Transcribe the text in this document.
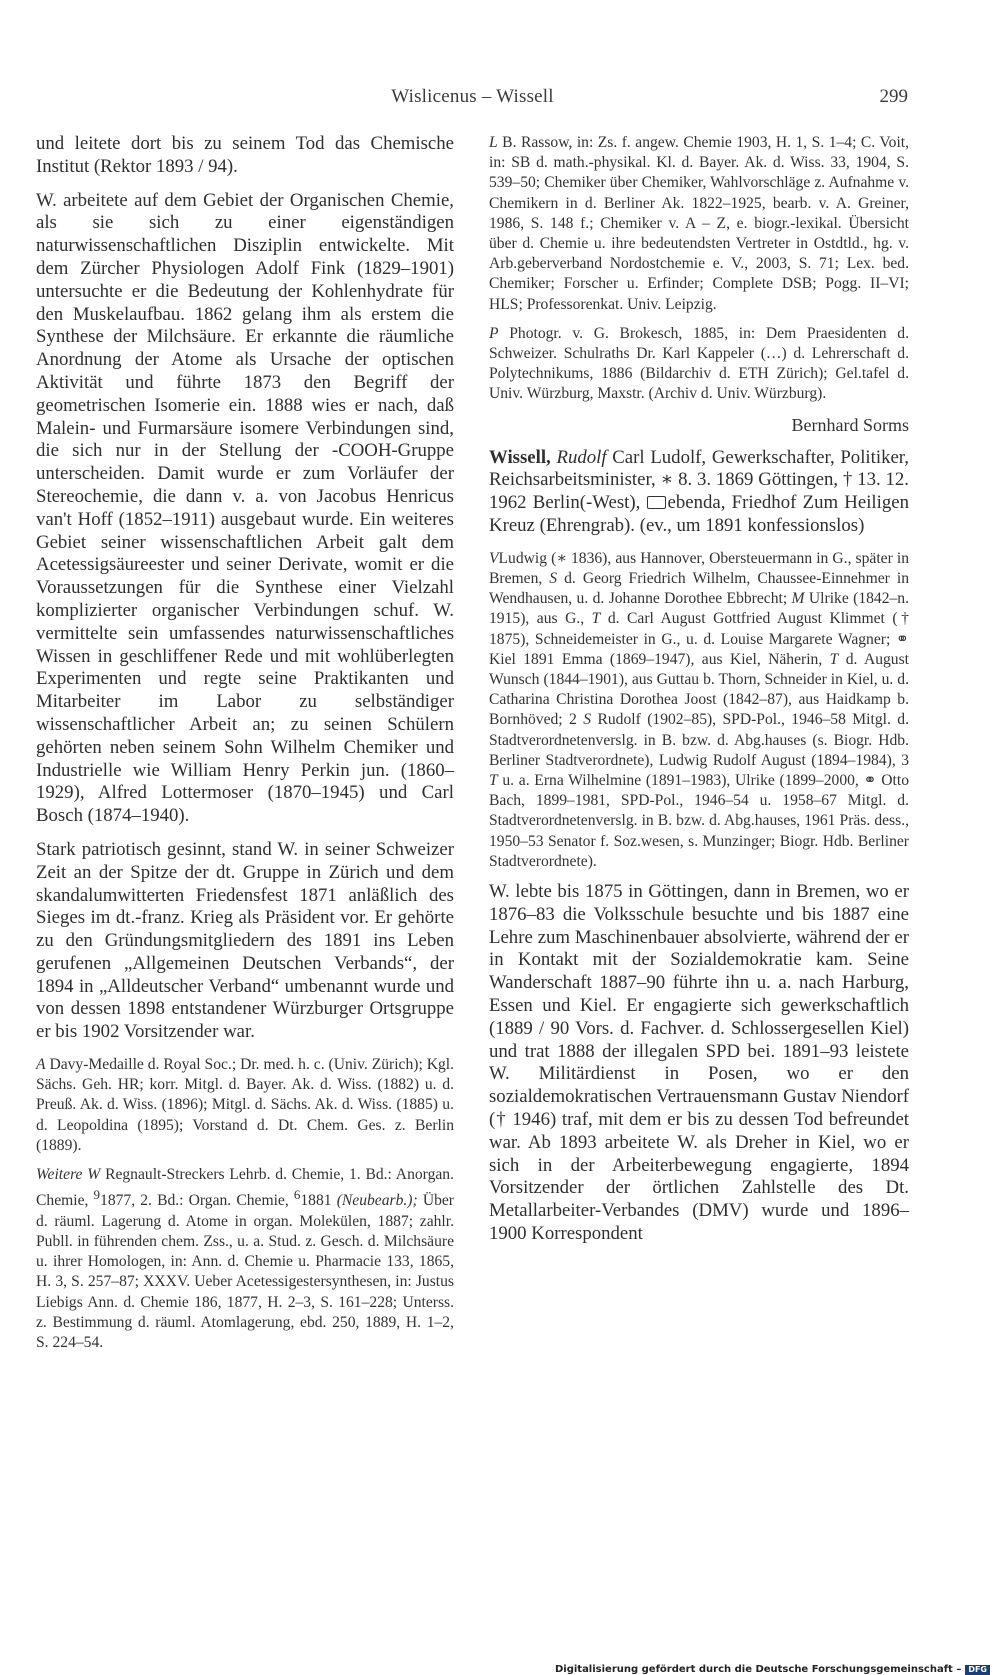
Wislicenus – Wissell	299

und leitete dort bis zu seinem Tod das Chemische Institut (Rektor 1893 / 94).

W. arbeitete auf dem Gebiet der Organischen Chemie, als sie sich zu einer eigenständigen naturwissenschaftlichen Disziplin entwickelte. Mit dem Zürcher Physiologen Adolf Fink (1829–1901) untersuchte er die Bedeutung der Kohlenhydrate für den Muskelaufbau. 1862 gelang ihm als erstem die Synthese der Milchsäure. Er erkannte die räumliche Anordnung der Atome als Ursache der optischen Aktivität und führte 1873 den Begriff der geometrischen Isomerie ein. 1888 wies er nach, daß Malein- und Furmarsäure isomere Verbindungen sind, die sich nur in der Stellung der -COOH-Gruppe unterscheiden. Damit wurde er zum Vorläufer der Stereochemie, die dann v. a. von Jacobus Henricus van't Hoff (1852–1911) ausgebaut wurde. Ein weiteres Gebiet seiner wissenschaftlichen Arbeit galt dem Acetessigsäureester und seiner Derivate, womit er die Voraussetzungen für die Synthese einer Vielzahl komplizierter organischer Verbindungen schuf. W. vermittelte sein umfassendes naturwissenschaftliches Wissen in geschliffener Rede und mit wohlüberlegten Experimenten und regte seine Praktikanten und Mitarbeiter im Labor zu selbständiger wissenschaftlicher Arbeit an; zu seinen Schülern gehörten neben seinem Sohn Wilhelm Chemiker und Industrielle wie William Henry Perkin jun. (1860–1929), Alfred Lottermoser (1870–1945) und Carl Bosch (1874–1940).

Stark patriotisch gesinnt, stand W. in seiner Schweizer Zeit an der Spitze der dt. Gruppe in Zürich und dem skandalumwitterten Friedensfest 1871 anläßlich des Sieges im dt.-franz. Krieg als Präsident vor. Er gehörte zu den Gründungsmitgliedern des 1891 ins Leben gerufenen „Allgemeinen Deutschen Verbands“, der 1894 in „Alldeutscher Verband“ umbenannt wurde und von dessen 1898 entstandener Würzburger Ortsgruppe er bis 1902 Vorsitzender war.

A Davy-Medaille d. Royal Soc.; Dr. med. h. c. (Univ. Zürich); Kgl. Sächs. Geh. HR; korr. Mitgl. d. Bayer. Ak. d. Wiss. (1882) u. d. Preuß. Ak. d. Wiss. (1896); Mitgl. d. Sächs. Ak. d. Wiss. (1885) u. d. Leopoldina (1895); Vorstand d. Dt. Chem. Ges. z. Berlin (1889).

Weitere W Regnault-Streckers Lehrb. d. Chemie, 1. Bd.: Anorgan. Chemie, $^9$1877, 2. Bd.: Organ. Chemie, $^6$1881 (Neubearb.); Über d. räuml. Lagerung d. Atome in organ. Molekülen, 1887; zahlr. Publl. in führenden chem. Zss., u. a. Stud. z. Gesch. d. Milchsäure u. ihrer Homologen, in: Ann. d. Chemie u. Pharmacie 133, 1865, H. 3, S. 257–87; XXXV. Ueber Acetessigestersynthesen, in: Justus Liebigs Ann. d. Chemie 186, 1877, H. 2–3, S. 161–228; Unterss. z. Bestimmung d. räuml. Atomlagerung, ebd. 250, 1889, H. 1–2, S. 224–54.

L B. Rassow, in: Zs. f. angew. Chemie 1903, H. 1, S. 1–4; C. Voit, in: SB d. math.-physikal. Kl. d. Bayer. Ak. d. Wiss. 33, 1904, S. 539–50; Chemiker über Chemiker, Wahlvorschläge z. Aufnahme v. Chemikern in d. Berliner Ak. 1822–1925, bearb. v. A. Greiner, 1986, S. 148 f.; Chemiker v. A – Z, e. biogr.-lexikal. Übersicht über d. Chemie u. ihre bedeutendsten Vertreter in Ostdtld., hg. v. Arb.geberverband Nordostchemie e. V., 2003, S. 71; Lex. bed. Chemiker; Forscher u. Erfinder; Complete DSB; Pogg. II–VI; HLS; Professorenkat. Univ. Leipzig.

P Photogr. v. G. Brokesch, 1885, in: Dem Praesidenten d. Schweizer. Schulraths Dr. Karl Kappeler (…) d. Lehrerschaft d. Polytechnikums, 1886 (Bildarchiv d. ETH Zürich); Gel.tafel d. Univ. Würzburg, Maxstr. (Archiv d. Univ. Würzburg).

Bernhard Sorms

Wissell, Rudolf Carl Ludolf, Gewerkschafter, Politiker, Reichsarbeitsminister, ∗ 8. 3. 1869 Göttingen, † 13. 12. 1962 Berlin(-West), ebenda, Friedhof Zum Heiligen Kreuz (Ehrengrab). (ev., um 1891 konfessionslos)

VLudwig (∗ 1836), aus Hannover, Obersteuermann in G., später in Bremen, S d. Georg Friedrich Wilhelm, Chaussee-Einnehmer in Wendhausen, u. d. Johanne Dorothee Ebbrecht; M Ulrike (1842–n. 1915), aus G., T d. Carl August Gottfried August Klimmet († 1875), Schneidemeister in G., u. d. Louise Margarete Wagner; ⚭ Kiel 1891 Emma (1869–1947), aus Kiel, Näherin, T d. August Wunsch (1844–1901), aus Guttau b. Thorn, Schneider in Kiel, u. d. Catharina Christina Dorothea Joost (1842–87), aus Haidkamp b. Bornhöved; 2 S Rudolf (1902–85), SPD-Pol., 1946–58 Mitgl. d. Stadtverordnetenverslg. in B. bzw. d. Abg.hauses (s. Biogr. Hdb. Berliner Stadtverordnete), Ludwig Rudolf August (1894–1984), 3 T u. a. Erna Wilhelmine (1891–1983), Ulrike (1899–2000, ⚭ Otto Bach, 1899–1981, SPD-Pol., 1946–54 u. 1958–67 Mitgl. d. Stadtverordnetenverslg. in B. bzw. d. Abg.hauses, 1961 Präs. dess., 1950–53 Senator f. Soz.wesen, s. Munzinger; Biogr. Hdb. Berliner Stadtverordnete).

W. lebte bis 1875 in Göttingen, dann in Bremen, wo er 1876–83 die Volksschule besuchte und bis 1887 eine Lehre zum Maschinenbauer absolvierte, während der er in Kontakt mit der Sozialdemokratie kam. Seine Wanderschaft 1887–90 führte ihn u. a. nach Harburg, Essen und Kiel. Er engagierte sich gewerkschaftlich (1889 / 90 Vors. d. Fachver. d. Schlossergesellen Kiel) und trat 1888 der illegalen SPD bei. 1891–93 leistete W. Militärdienst in Posen, wo er den sozialdemokratischen Vertrauensmann Gustav Niendorf († 1946) traf, mit dem er bis zu dessen Tod befreundet war. Ab 1893 arbeitete W. als Dreher in Kiel, wo er sich in der Arbeiterbewegung engagierte, 1894 Vorsitzender der örtlichen Zahlstelle des Dt. Metallarbeiter-Verbandes (DMV) wurde und 1896–1900 Korrespondent

Digitalisierung gefördert durch die Deutsche Forschungsgemeinschaft – DFG
